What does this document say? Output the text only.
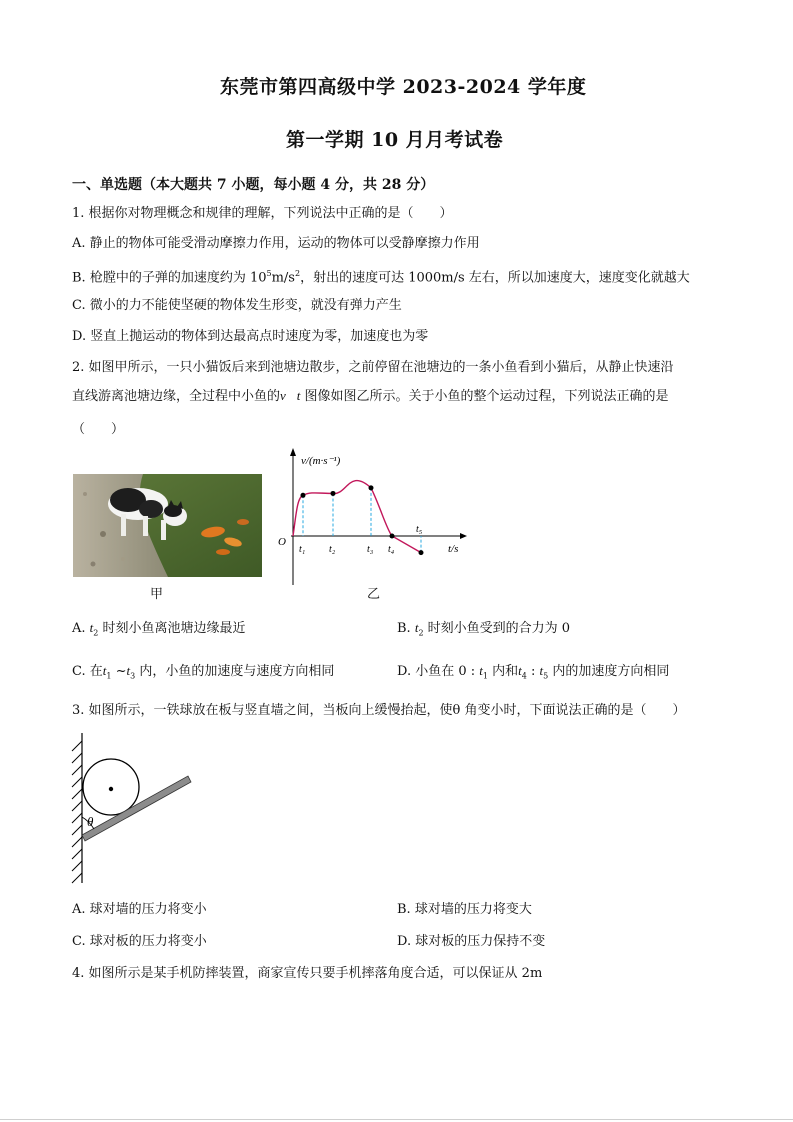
东莞市第四高级中学 2023-2024 学年度
第一学期 10 月月考试卷
一、单选题（本大题共 7 小题，每小题 4 分，共 28 分）
1. 根据你对物理概念和规律的理解，下列说法中正确的是（　　）
A. 静止的物体可能受滑动摩擦力作用，运动的物体可以受静摩擦力作用
B. 枪膛中的子弹的加速度约为 $10^5m/s^2$，射出的速度可达 1000m/s 左右，所以加速度大，速度变化就越大
C. 微小的力不能使坚硬的物体发生形变，就没有弹力产生
D. 竖直上抛运动的物体到达最高点时速度为零，加速度也为零
2. 如图甲所示，一只小猫饭后来到池塘边散步，之前停留在池塘边的一条小鱼看到小猫后，从静止快速沿
直线游离池塘边缘，全过程中小鱼的v−t 图像如图乙所示。关于小鱼的整个运动过程，下列说法正确的是
（　　）
甲
v/(m·s⁻¹)
t/s
O
t₁ t₂	t₃ t₄
t₅
乙
A. $t_2$ 时刻小鱼离池塘边缘最近	B. $t_2$ 时刻小鱼受到的合力为 0
C. 在$t_1$ $\sim t_3$ 内，小鱼的加速度与速度方向相同	D. 小鱼在 0 : $t_1$ 内和$t_4$ : $t_5$ 内的加速度方向相同
3. 如图所示，一铁球放在板与竖直墙之间，当板向上缓慢抬起，使θ 角变小时，下面说法正确的是（　　）
θ
A. 球对墙的压力将变小	B. 球对墙的压力将变大
C. 球对板的压力将变小	D. 球对板的压力保持不变
4. 如图所示是某手机防摔装置，商家宣传只要手机摔落角度合适，可以保证从 2m
